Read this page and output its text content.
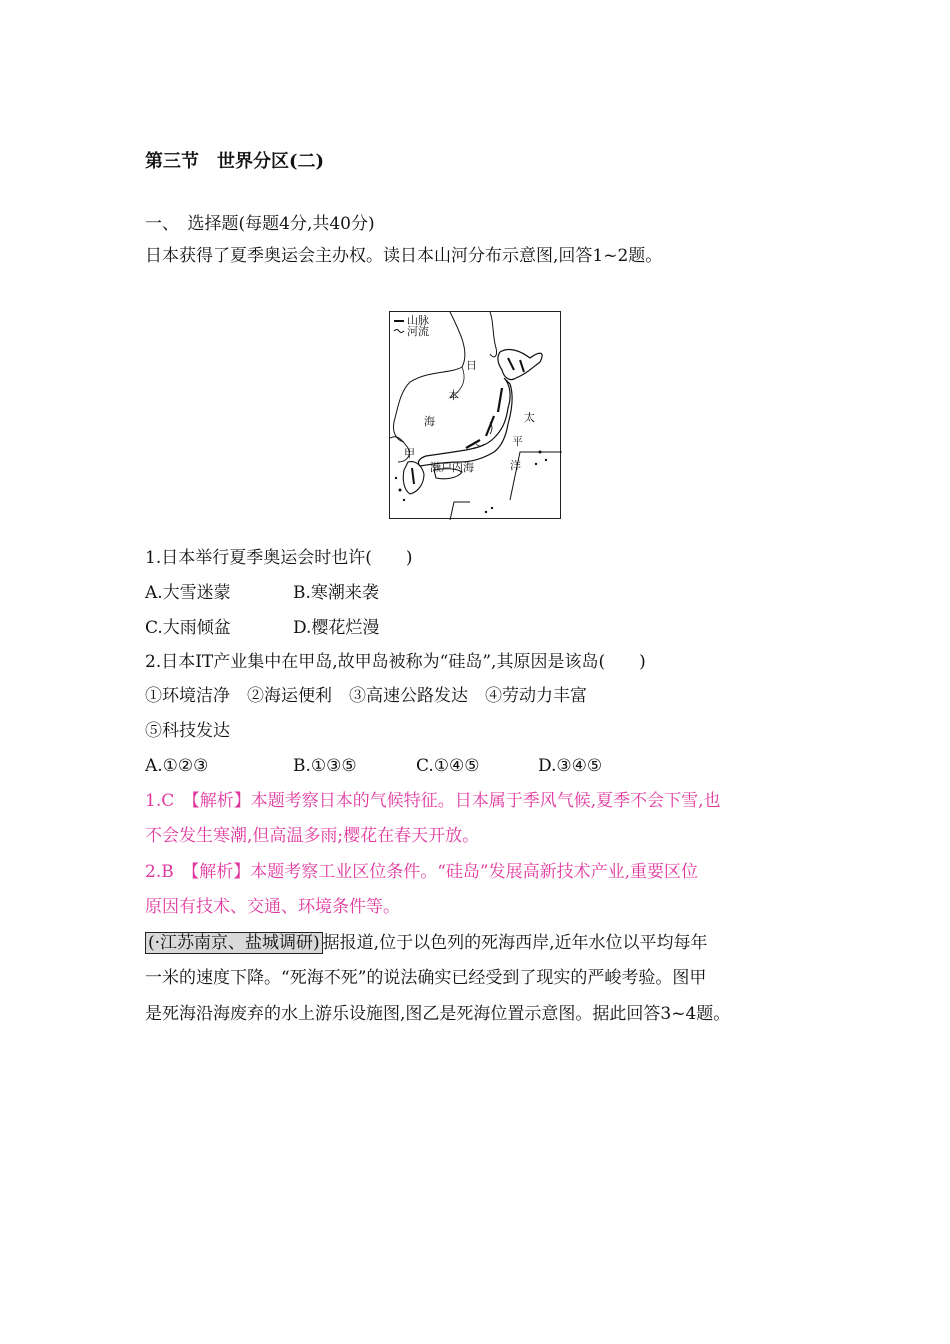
第三节　世界分区(二)
一、　选择题(每题4分,共40分)
日本获得了夏季奥运会主办权。读日本山河分布示意图,回答1~2题。
山脉
河流
日
本
海	太
平
洋
甲
濑户内海
1.日本举行夏季奥运会时也许(　　)
A.大雪迷蒙	B.寒潮来袭
C.大雨倾盆	D.樱花烂漫
2.日本IT产业集中在甲岛,故甲岛被称为“硅岛”,其原因是该岛(　　)
①环境洁净　②海运便利　③高速公路发达　④劳动力丰富
⑤科技发达
A.①②③	B.①③⑤	C.①④⑤	D.③④⑤
1.C　【解析】本题考察日本的气候特征。日本属于季风气候,夏季不会下雪,也
不会发生寒潮,但高温多雨;樱花在春天开放。
2.B　【解析】本题考察工业区位条件。“硅岛”发展高新技术产业,重要区位
原因有技术、交通、环境条件等。
(·江苏南京、盐城调研) 据报道,位于以色列的死海西岸,近年水位以平均每年
一米的速度下降。“死海不死”的说法确实已经受到了现实的严峻考验。图甲
是死海沿海废弃的水上游乐设施图,图乙是死海位置示意图。据此回答3~4题。
